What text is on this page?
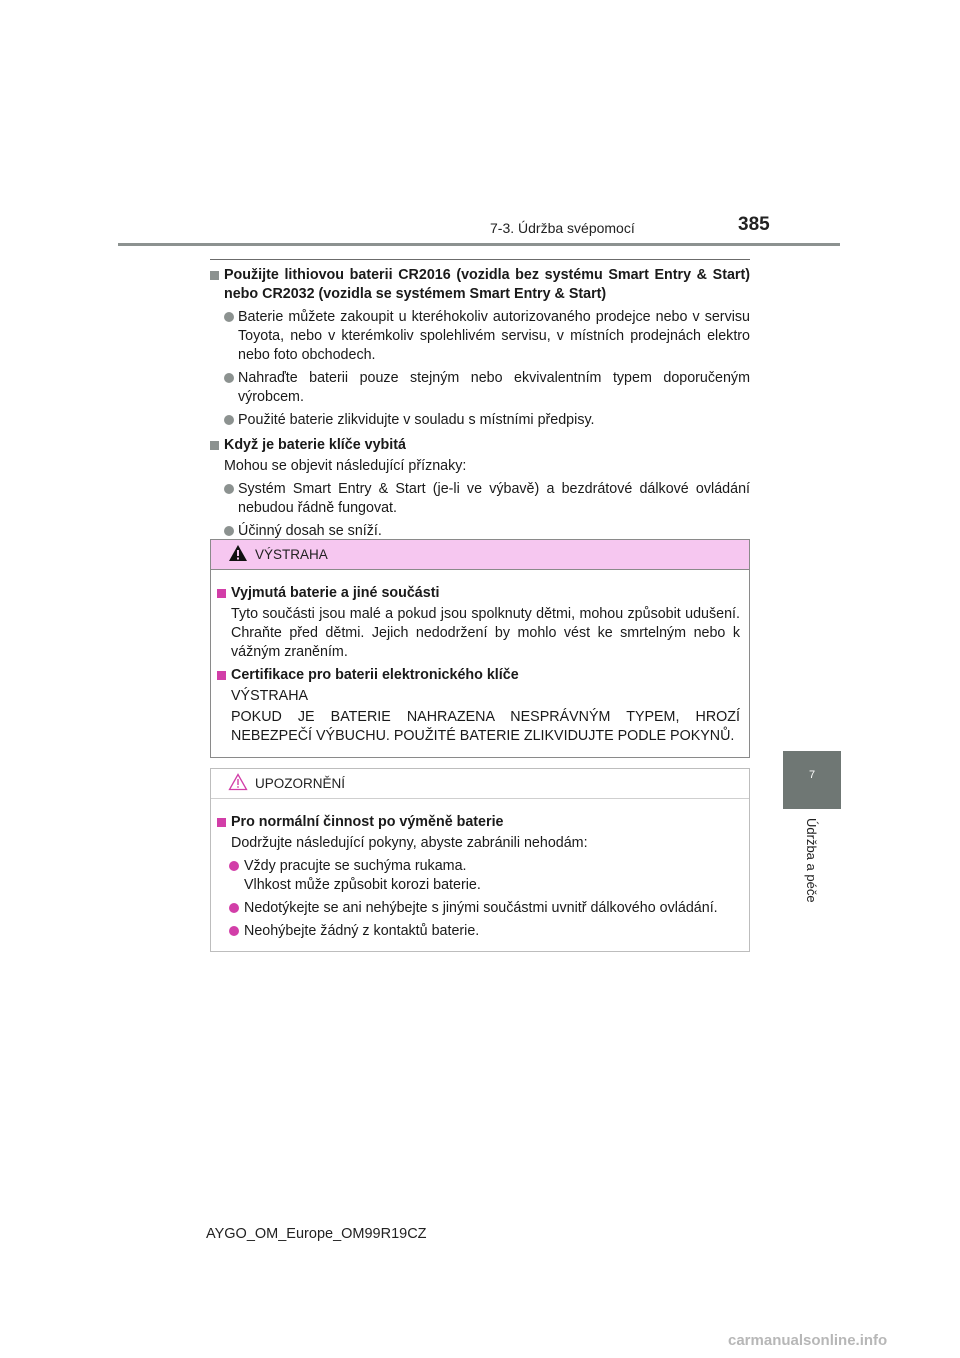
7-3. Údržba svépomocí	385
7
Údržba a péče
Použijte lithiovou baterii CR2016 (vozidla bez systému Smart Entry & Start) nebo CR2032 (vozidla se systémem Smart Entry & Start)
Baterie můžete zakoupit u kteréhokoliv autorizovaného prodejce nebo v servisu Toyota, nebo v kterémkoliv spolehlivém servisu, v místních prodejnách elektro nebo foto obchodech.
Nahraďte baterii pouze stejným nebo ekvivalentním typem doporučeným výrobcem.
Použité baterie zlikvidujte v souladu s místními předpisy.
Když je baterie klíče vybitá
Mohou se objevit následující příznaky:
Systém Smart Entry & Start (je-li ve výbavě) a bezdrátové dálkové ovládání nebudou řádně fungovat.
Účinný dosah se sníží.
VÝSTRAHA
Vyjmutá baterie a jiné součásti
Tyto součásti jsou malé a pokud jsou spolknuty dětmi, mohou způsobit udušení. Chraňte před dětmi. Jejich nedodržení by mohlo vést ke smrtelným nebo k vážným zraněním.
Certifikace pro baterii elektronického klíče
VÝSTRAHA
POKUD JE BATERIE NAHRAZENA NESPRÁVNÝM TYPEM, HROZÍ NEBEZPEČÍ VÝBUCHU. POUŽITÉ BATERIE ZLIKVIDUJTE PODLE POKYNŮ.
UPOZORNĚNÍ
Pro normální činnost po výměně baterie
Dodržujte následující pokyny, abyste zabránili nehodám:
Vždy pracujte se suchýma rukama.
Vlhkost může způsobit korozi baterie.
Nedotýkejte se ani nehýbejte s jinými součástmi uvnitř dálkového ovládání.
Neohýbejte žádný z kontaktů baterie.
AYGO_OM_Europe_OM99R19CZ
carmanualsonline.info
